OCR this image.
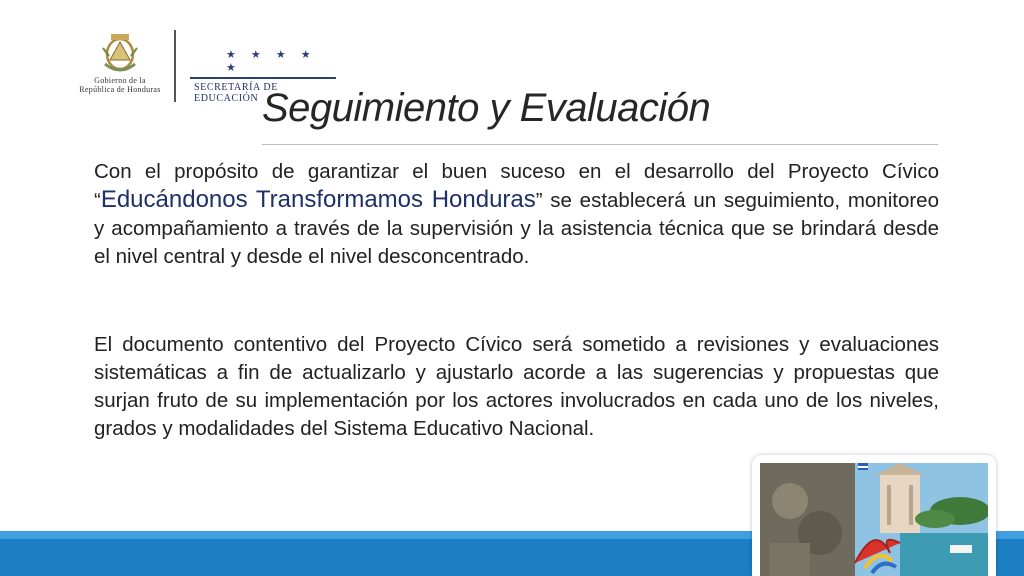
Gobierno de la
República de Honduras
★ ★ ★ ★ ★
SECRETARÍA DE EDUCACIÓN Seguimiento y Evaluación

Con el propósito de garantizar el buen suceso en el desarrollo del Proyecto Cívico “Educándonos Transformamos Honduras” se establecerá un seguimiento, monitoreo y acompañamiento a través de la supervisión y la asistencia técnica que se brindará desde el nivel central y desde el nivel desconcentrado.

El documento contentivo del Proyecto Cívico será sometido a revisiones y evaluaciones sistemáticas a fin de actualizarlo y ajustarlo acorde a las sugerencias y propuestas que surjan fruto de su implementación por los actores involucrados en cada uno de los niveles, grados y modalidades del Sistema Educativo Nacional.
